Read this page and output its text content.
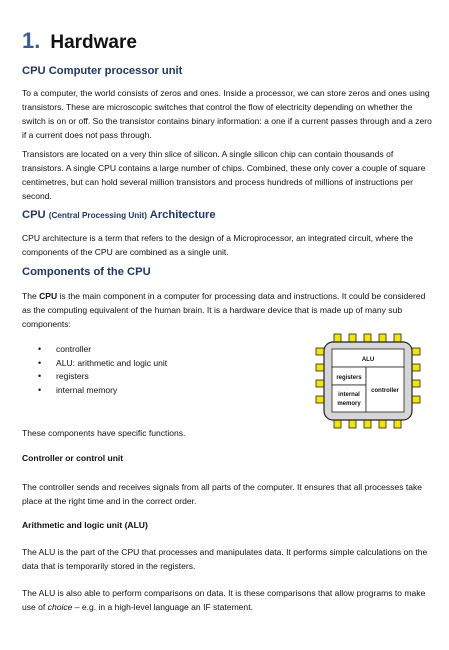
1. Hardware
CPU Computer processor unit

To a computer, the world consists of zeros and ones. Inside a processor, we can store zeros and ones using transistors. These are microscopic switches that control the flow of electricity depending on whether the switch is on or off. So the transistor contains binary information: a one if a current passes through and a zero if a current does not pass through.

Transistors are located on a very thin slice of silicon. A single silicon chip can contain thousands of transistors. A single CPU contains a large number of chips. Combined, these only cover a couple of square centimetres, but can hold several million transistors and process hundreds of millions of instructions per second.

CPU (Central Processing Unit) Architecture

CPU architecture is a term that refers to the design of a Microprocessor, an integrated circuit, where the components of the CPU are combined as a single unit.

Components of the CPU

The CPU is the main component in a computer for processing data and instructions. It could be considered as the computing equivalent of the human brain. It is a hardware device that is made up of many sub components:

• controller
• ALU: arithmetic and logic unit
• registers
• internal memory
ALU
registers
internal
memory
controller

These components have specific functions.

Controller or control unit

The controller sends and receives signals from all parts of the computer. It ensures that all processes take place at the right time and in the correct order.

Arithmetic and logic unit (ALU)

The ALU is the part of the CPU that processes and manipulates data. It performs simple calculations on the data that is temporarily stored in the registers.

The ALU is also able to perform comparisons on data. It is these comparisons that allow programs to make use of choice – e.g. in a high-level language an IF statement.
